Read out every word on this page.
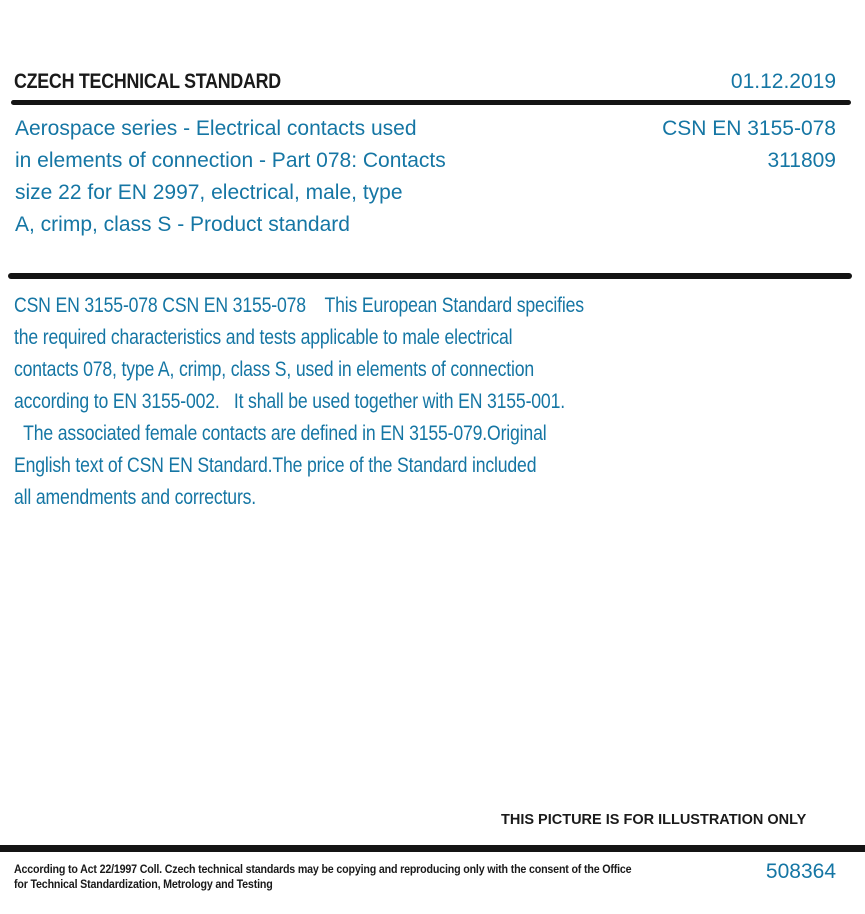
CZECH TECHNICAL STANDARD	01.12.2019
Aerospace series - Electrical contacts used
in elements of connection - Part 078: Contacts
size 22 for EN 2997, electrical, male, type
A, crimp, class S - Product standard
CSN EN 3155-078
311809
CSN EN 3155-078 CSN EN 3155-078    This European Standard specifies
the required characteristics and tests applicable to male electrical
contacts 078, type A, crimp, class S, used in elements of connection
according to EN 3155-002.   It shall be used together with EN 3155-001.
The associated female contacts are defined in EN 3155-079.Original
English text of CSN EN Standard.The price of the Standard included
all amendments and correcturs.
THIS PICTURE IS FOR ILLUSTRATION ONLY
According to Act 22/1997 Coll. Czech technical standards may be copying and reproducing only with the consent of the Office
for Technical Standardization, Metrology and Testing
508364
